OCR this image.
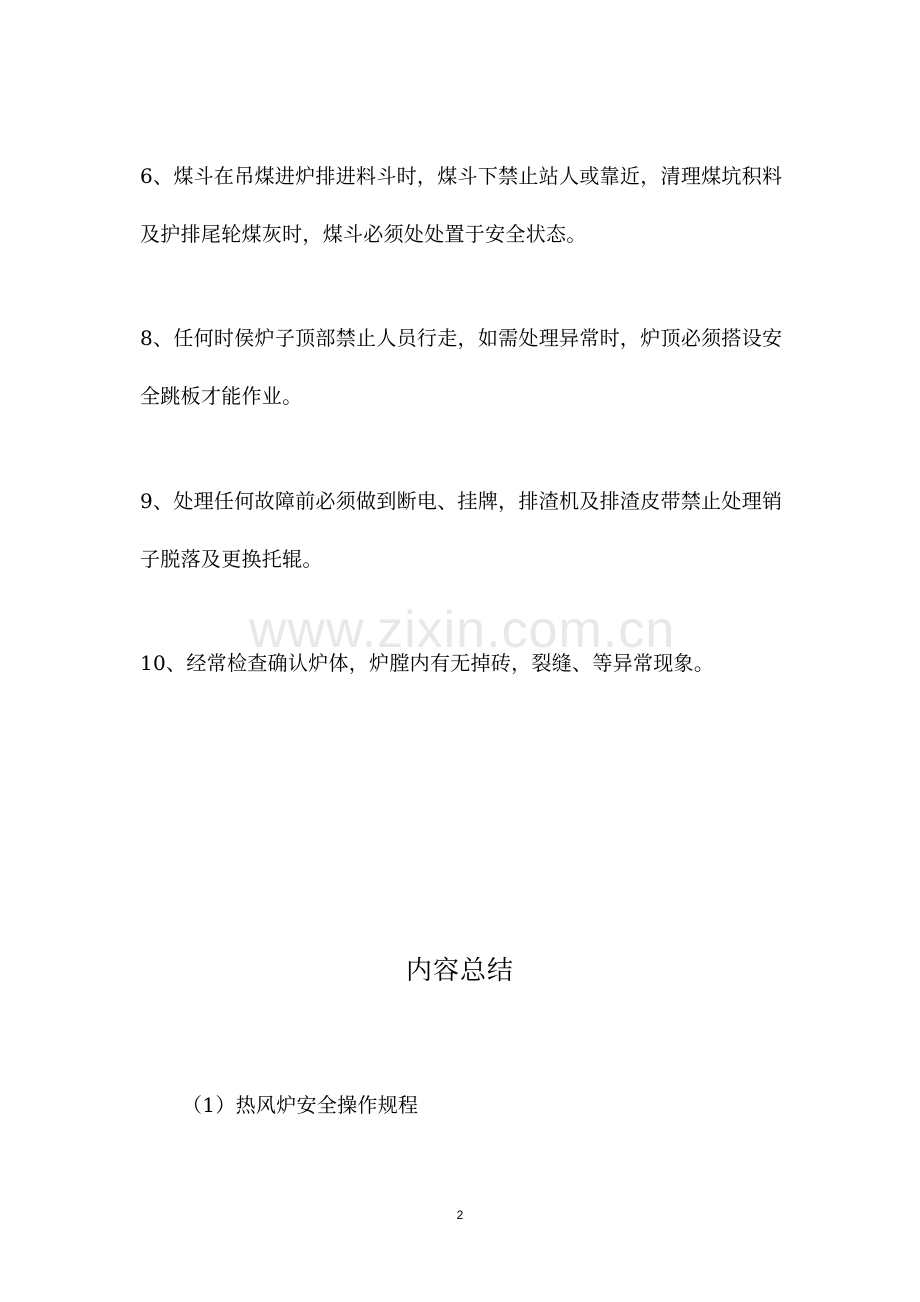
www.zixin.com.cn
6、煤斗在吊煤进炉排进料斗时，煤斗下禁止站人或靠近，清理煤坑积料及护排尾轮煤灰时，煤斗必须处处置于安全状态。
8、任何时侯炉子顶部禁止人员行走，如需处理异常时，炉顶必须搭设安全跳板才能作业。
9、处理任何故障前必须做到断电、挂牌，排渣机及排渣皮带禁止处理销子脱落及更换托辊。
10、经常检查确认炉体，炉膛内有无掉砖，裂缝、等异常现象。
内容总结
（1）热风炉安全操作规程
2
